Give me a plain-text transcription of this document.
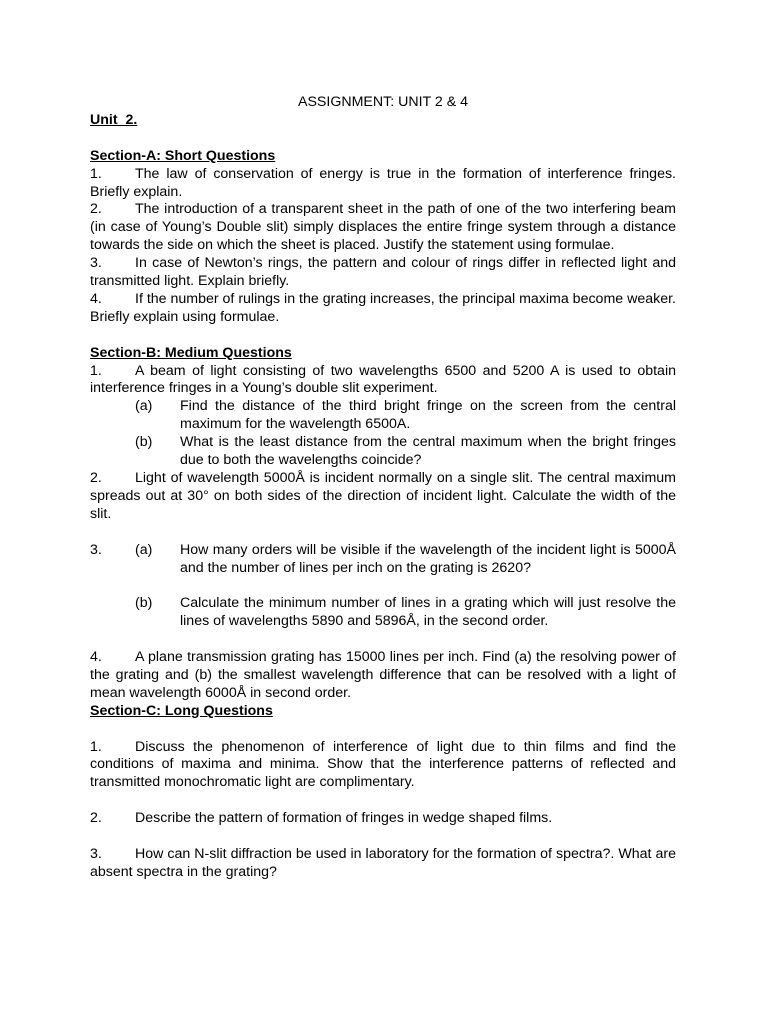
ASSIGNMENT: UNIT 2 & 4

Unit_2.

Section-A: Short Questions

1. The law of conservation of energy is true in the formation of interference fringes. Briefly explain.

2. The introduction of a transparent sheet in the path of one of the two interfering beam (in case of Young’s Double slit) simply displaces the entire fringe system through a distance towards the side on which the sheet is placed. Justify the statement using formulae.

3. In case of Newton’s rings, the pattern and colour of rings differ in reflected light and transmitted light. Explain briefly.

4. If the number of rulings in the grating increases, the principal maxima become weaker. Briefly explain using formulae.

Section-B: Medium Questions

1. A beam of light consisting of two wavelengths 6500 and 5200 A is used to obtain interference fringes in a Young’s double slit experiment.

(a) Find the distance of the third bright fringe on the screen from the central maximum for the wavelength 6500A.

(b) What is the least distance from the central maximum when the bright fringes due to both the wavelengths coincide?

2. Light of wavelength 5000Å is incident normally on a single slit. The central maximum spreads out at 30° on both sides of the direction of incident light. Calculate the width of the slit.

3. (a) How many orders will be visible if the wavelength of the incident light is 5000Å and the number of lines per inch on the grating is 2620?

(b) Calculate the minimum number of lines in a grating which will just resolve the lines of wavelengths 5890 and 5896Å, in the second order.

4. A plane transmission grating has 15000 lines per inch. Find (a) the resolving power of the grating and (b) the smallest wavelength difference that can be resolved with a light of mean wavelength 6000Å in second order.

Section-C: Long Questions

1. Discuss the phenomenon of interference of light due to thin films and find the conditions of maxima and minima. Show that the interference patterns of reflected and transmitted monochromatic light are complimentary.

2. Describe the pattern of formation of fringes in wedge shaped films.

3. How can N-slit diffraction be used in laboratory for the formation of spectra?. What are absent spectra in the grating?
